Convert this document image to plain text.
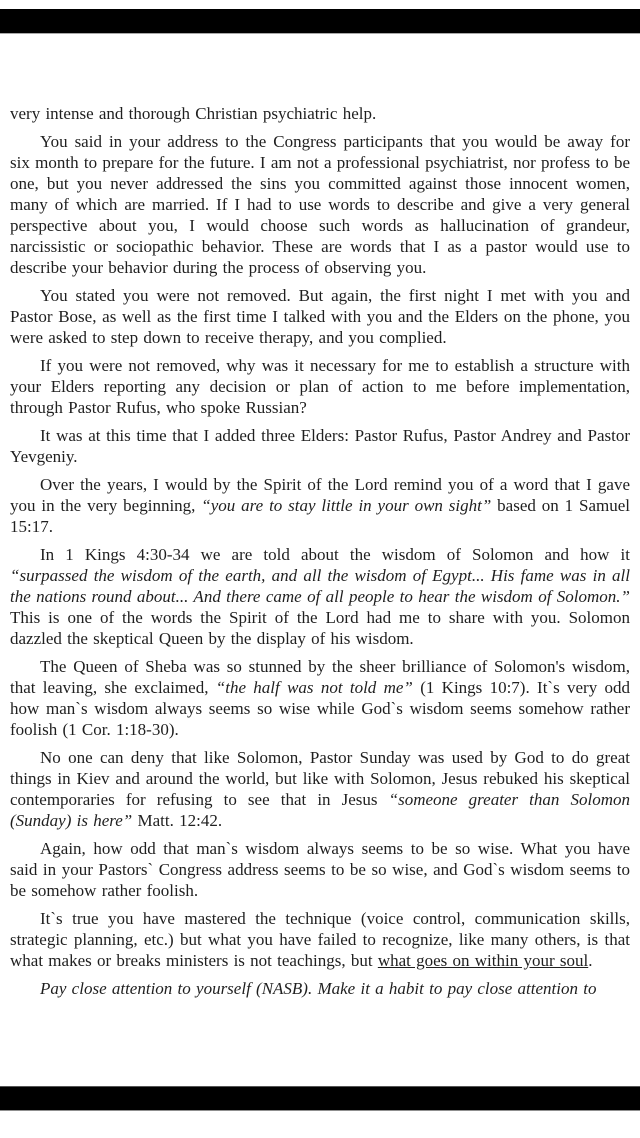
very intense and thorough Christian psychiatric help.

You said in your address to the Congress participants that you would be away for six month to prepare for the future. I am not a professional psychiatrist, nor profess to be one, but you never addressed the sins you committed against those innocent women, many of which are married. If I had to use words to describe and give a very general perspective about you, I would choose such words as hallucination of grandeur, narcissistic or sociopathic behavior. These are words that I as a pastor would use to describe your behavior during the process of observing you.

You stated you were not removed. But again, the first night I met with you and Pastor Bose, as well as the first time I talked with you and the Elders on the phone, you were asked to step down to receive therapy, and you complied.

If you were not removed, why was it necessary for me to establish a structure with your Elders reporting any decision or plan of action to me before implementation, through Pastor Rufus, who spoke Russian?

It was at this time that I added three Elders: Pastor Rufus, Pastor Andrey and Pastor Yevgeniy.

Over the years, I would by the Spirit of the Lord remind you of a word that I gave you in the very beginning, “you are to stay little in your own sight” based on 1 Samuel 15:17.

In 1 Kings 4:30-34 we are told about the wisdom of Solomon and how it “surpassed the wisdom of the earth, and all the wisdom of Egypt... His fame was in all the nations round about... And there came of all people to hear the wisdom of Solomon.” This is one of the words the Spirit of the Lord had me to share with you. Solomon dazzled the skeptical Queen by the display of his wisdom.

The Queen of Sheba was so stunned by the sheer brilliance of Solomon's wisdom, that leaving, she exclaimed, “the half was not told me” (1 Kings 10:7). It`s very odd how man`s wisdom always seems so wise while God`s wisdom seems somehow rather foolish (1 Cor. 1:18-30).

No one can deny that like Solomon, Pastor Sunday was used by God to do great things in Kiev and around the world, but like with Solomon, Jesus rebuked his skeptical contemporaries for refusing to see that in Jesus “someone greater than Solomon (Sunday) is here” Matt. 12:42.

Again, how odd that man`s wisdom always seems to be so wise. What you have said in your Pastors` Congress address seems to be so wise, and God`s wisdom seems to be somehow rather foolish.

It`s true you have mastered the technique (voice control, communication skills, strategic planning, etc.) but what you have failed to recognize, like many others, is that what makes or breaks ministers is not teachings, but what goes on within your soul.

Pay close attention to yourself (NASB). Make it a habit to pay close attention to
